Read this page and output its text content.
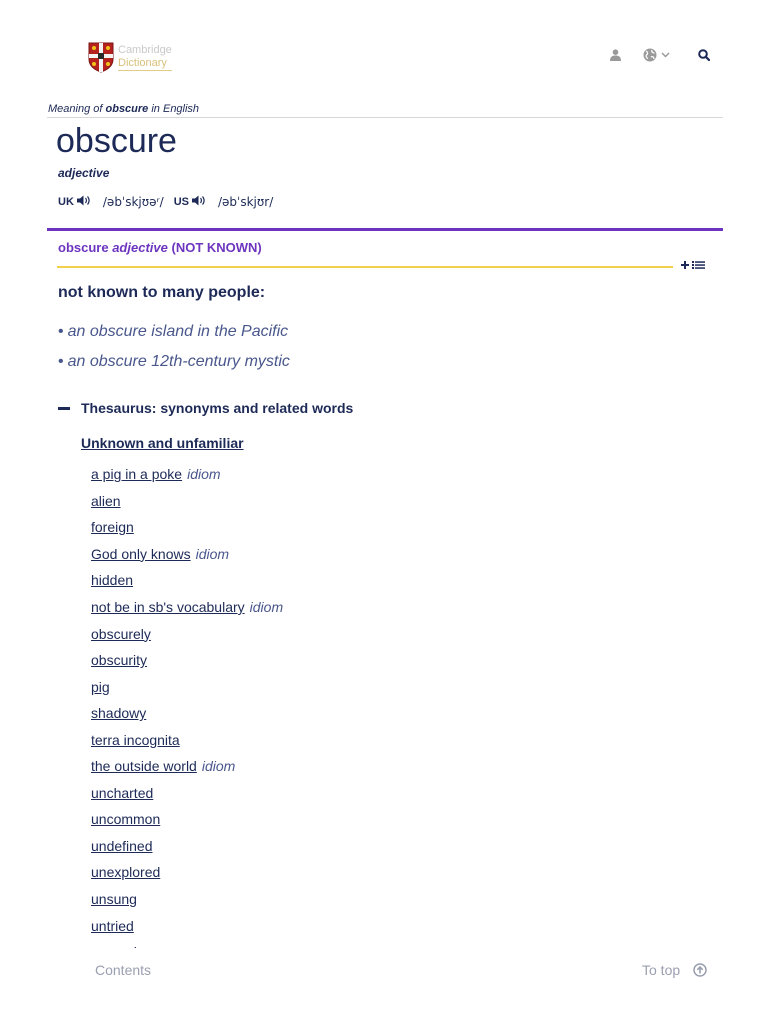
Cambridge
Dictionary
Meaning of obscure in English
obscure
adjective
UK /əbˈskjʊəʳ/ US /əbˈskjʊr/
obscure adjective (NOT KNOWN)
not known to many people:
• an obscure island in the Pacific
• an obscure 12th-century mystic
Thesaurus: synonyms and related words
Unknown and unfamiliar
a pig in a poke idiom
alien
foreign
God only knows idiom
hidden
not be in sb's vocabulary idiom
obscurely
obscurity
pig
shadowy
terra incognita
the outside world idiom
uncharted
uncommon
undefined
unexplored
unsung
untried
Contents	To top
